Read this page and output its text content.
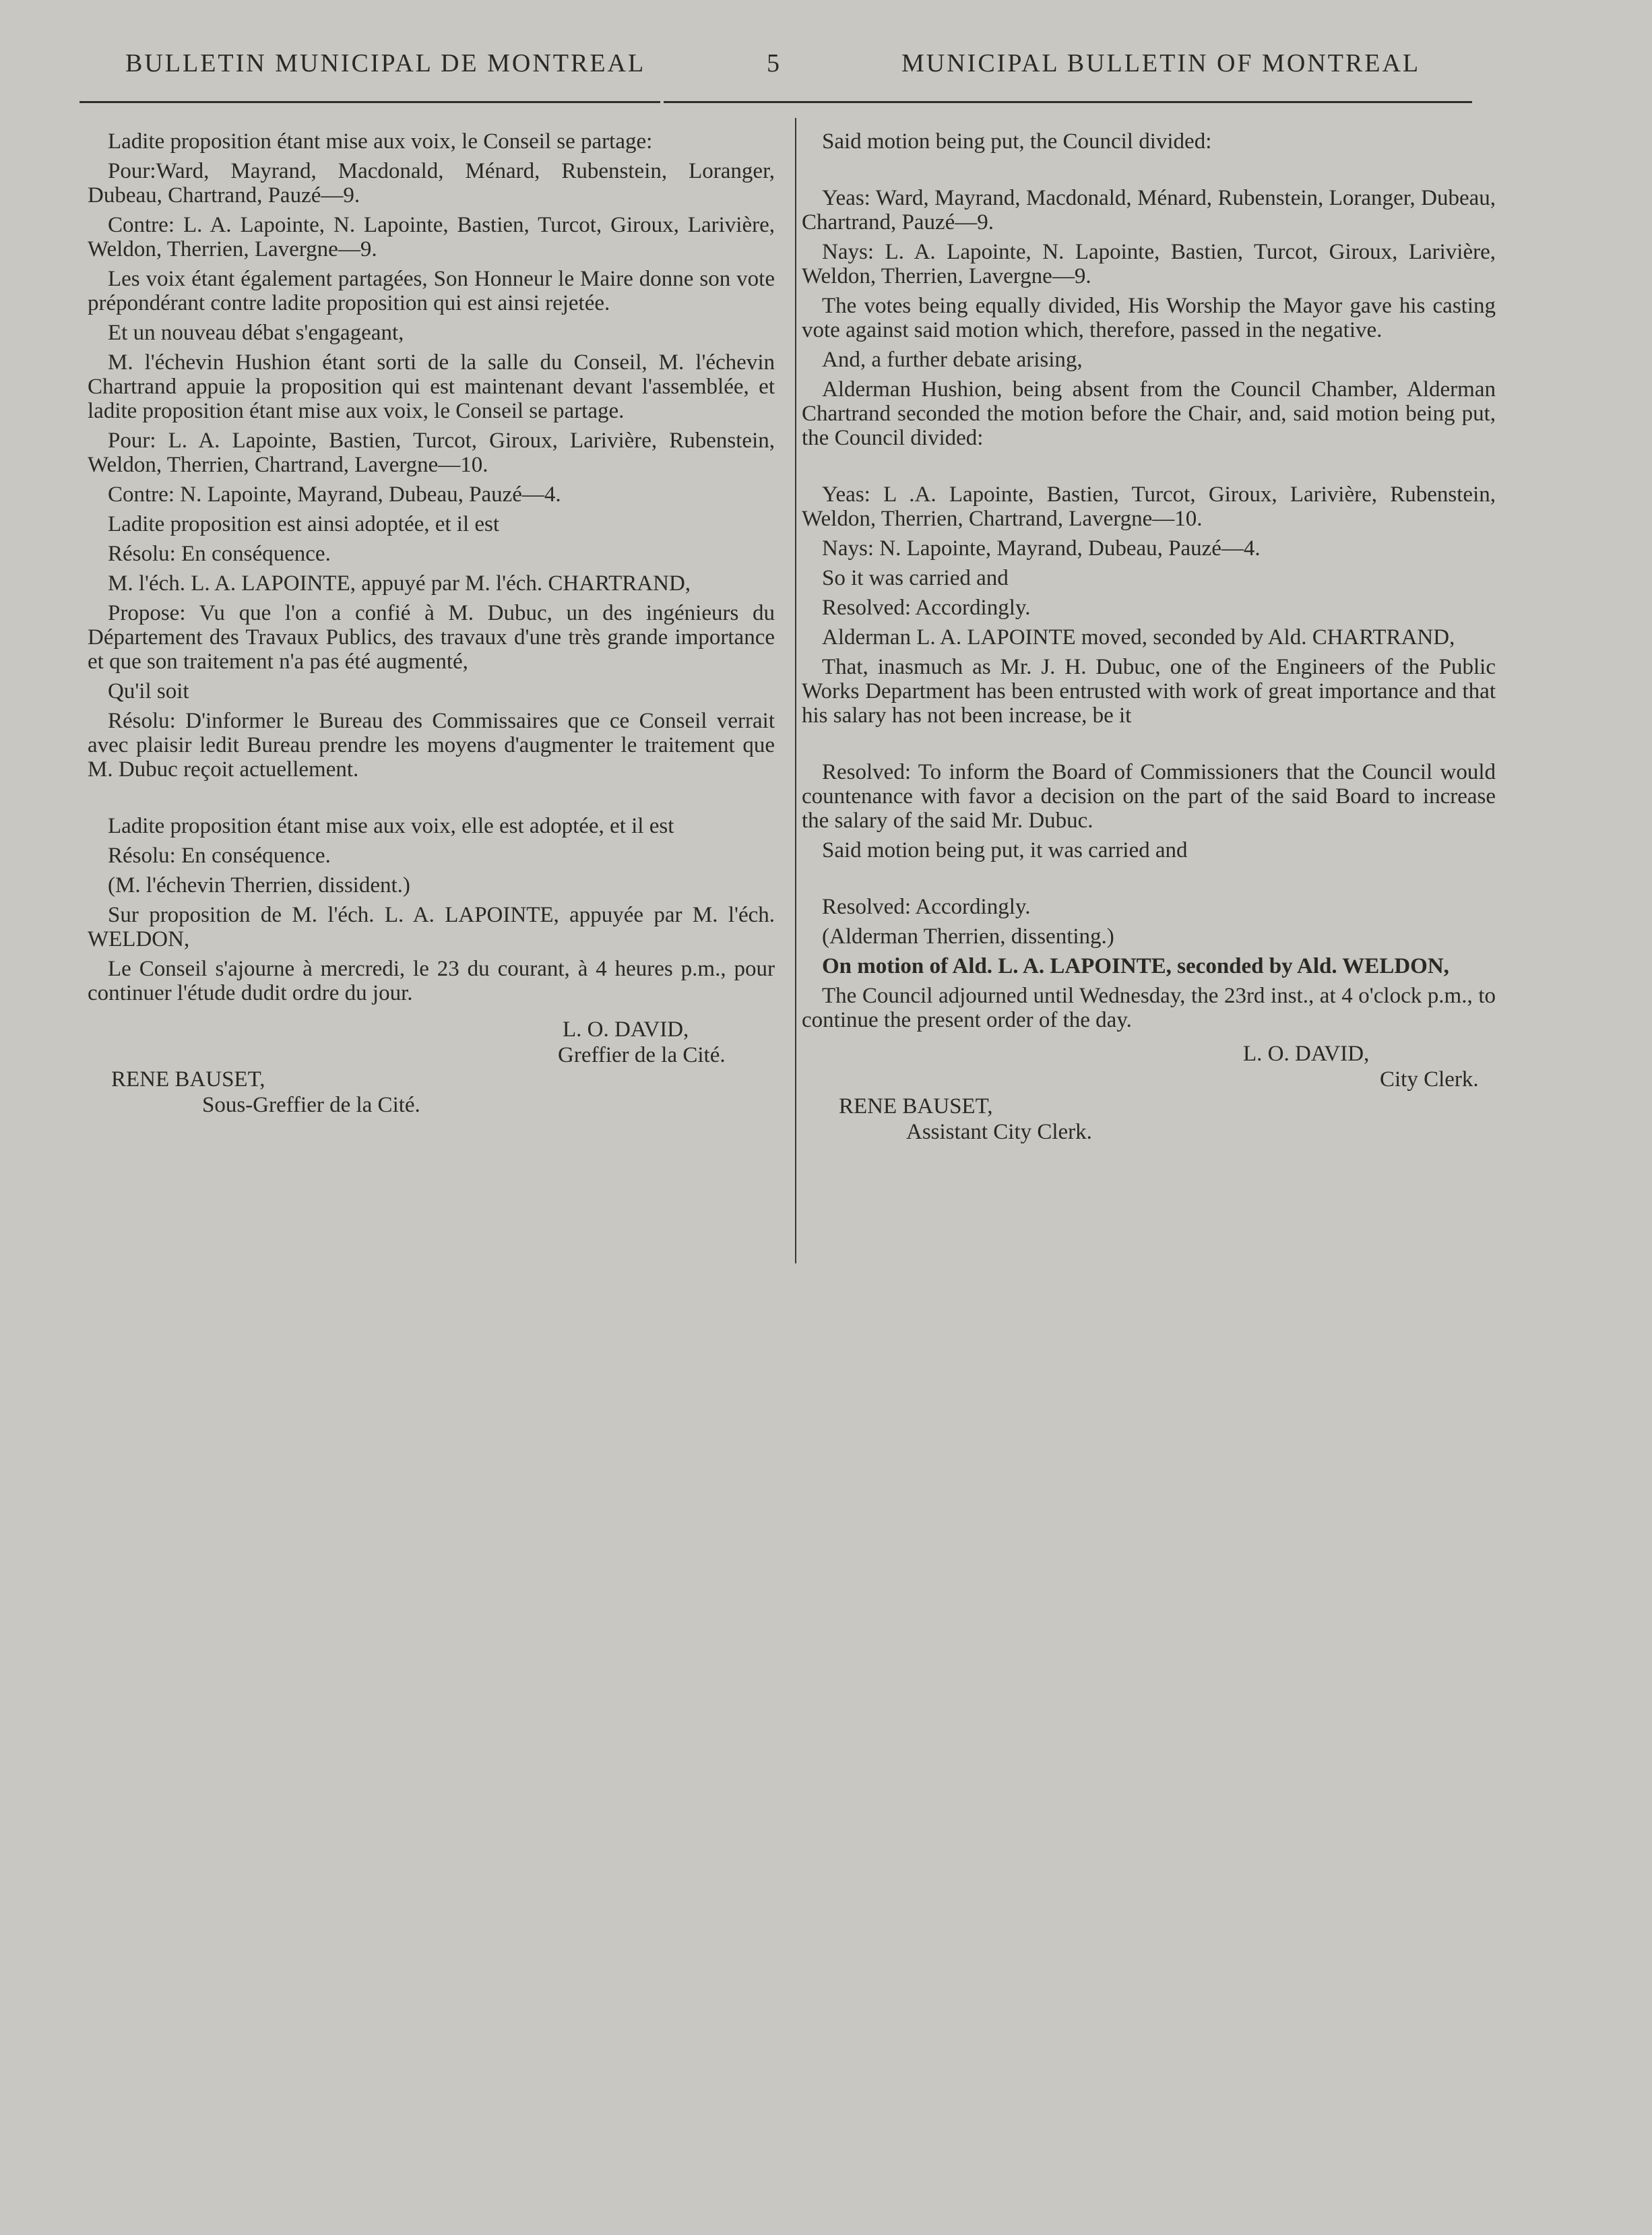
BULLETIN MUNICIPAL DE MONTREAL	5	MUNICIPAL BULLETIN OF MONTREAL

Ladite proposition étant mise aux voix, le Conseil se partage:

Pour:Ward, Mayrand, Macdonald, Ménard, Rubenstein, Loranger, Dubeau, Chartrand, Pauzé—9.

Contre: L. A. Lapointe, N. Lapointe, Bastien, Turcot, Giroux, Larivière, Weldon, Therrien, Lavergne—9.

Les voix étant également partagées, Son Honneur le Maire donne son vote prépondérant contre ladite proposition qui est ainsi rejetée.

Et un nouveau débat s'engageant,

M. l'échevin Hushion étant sorti de la salle du Conseil, M. l'échevin Chartrand appuie la proposition qui est maintenant devant l'assemblée, et ladite proposition étant mise aux voix, le Conseil se partage.

Pour: L. A. Lapointe, Bastien, Turcot, Giroux, Larivière, Rubenstein, Weldon, Therrien, Chartrand, Lavergne—10.

Contre: N. Lapointe, Mayrand, Dubeau, Pauzé—4.

Ladite proposition est ainsi adoptée, et il est

Résolu: En conséquence.

M. l'éch. L. A. LAPOINTE, appuyé par M. l'éch. CHARTRAND,

Propose: Vu que l'on a confié à M. Dubuc, un des ingénieurs du Département des Travaux Publics, des travaux d'une très grande importance et que son traitement n'a pas été augmenté,

Qu'il soit

Résolu: D'informer le Bureau des Commissaires que ce Conseil verrait avec plaisir ledit Bureau prendre les moyens d'augmenter le traitement que M. Dubuc reçoit actuellement.

Ladite proposition étant mise aux voix, elle est adoptée, et il est

Résolu: En conséquence.

(M. l'échevin Therrien, dissident.)

Sur proposition de M. l'éch. L. A. LAPOINTE, appuyée par M. l'éch. WELDON,

Le Conseil s'ajourne à mercredi, le 23 du courant, à 4 heures p.m., pour continuer l'étude dudit ordre du jour.

L. O. DAVID,

Greffier de la Cité.

RENE BAUSET,

Sous-Greffier de la Cité.

Said motion being put, the Council divided:

Yeas: Ward, Mayrand, Macdonald, Ménard, Rubenstein, Loranger, Dubeau, Chartrand, Pauzé—9.

Nays: L. A. Lapointe, N. Lapointe, Bastien, Turcot, Giroux, Larivière, Weldon, Therrien, Lavergne—9.

The votes being equally divided, His Worship the Mayor gave his casting vote against said motion which, therefore, passed in the negative.

And, a further debate arising,

Alderman Hushion, being absent from the Council Chamber, Alderman Chartrand seconded the motion before the Chair, and, said motion being put, the Council divided:

Yeas: L .A. Lapointe, Bastien, Turcot, Giroux, Larivière, Rubenstein, Weldon, Therrien, Chartrand, Lavergne—10.

Nays: N. Lapointe, Mayrand, Dubeau, Pauzé—4.

So it was carried and

Resolved: Accordingly.

Alderman L. A. LAPOINTE moved, seconded by Ald. CHARTRAND,

That, inasmuch as Mr. J. H. Dubuc, one of the Engineers of the Public Works Department has been entrusted with work of great importance and that his salary has not been increase, be it

Resolved: To inform the Board of Commissioners that the Council would countenance with favor a decision on the part of the said Board to increase the salary of the said Mr. Dubuc.

Said motion being put, it was carried and

Resolved: Accordingly.

(Alderman Therrien, dissenting.)

On motion of Ald. L. A. LAPOINTE, seconded by Ald. WELDON,

The Council adjourned until Wednesday, the 23rd inst., at 4 o'clock p.m., to continue the present order of the day.

L. O. DAVID,

City Clerk.

RENE BAUSET,

Assistant City Clerk.
